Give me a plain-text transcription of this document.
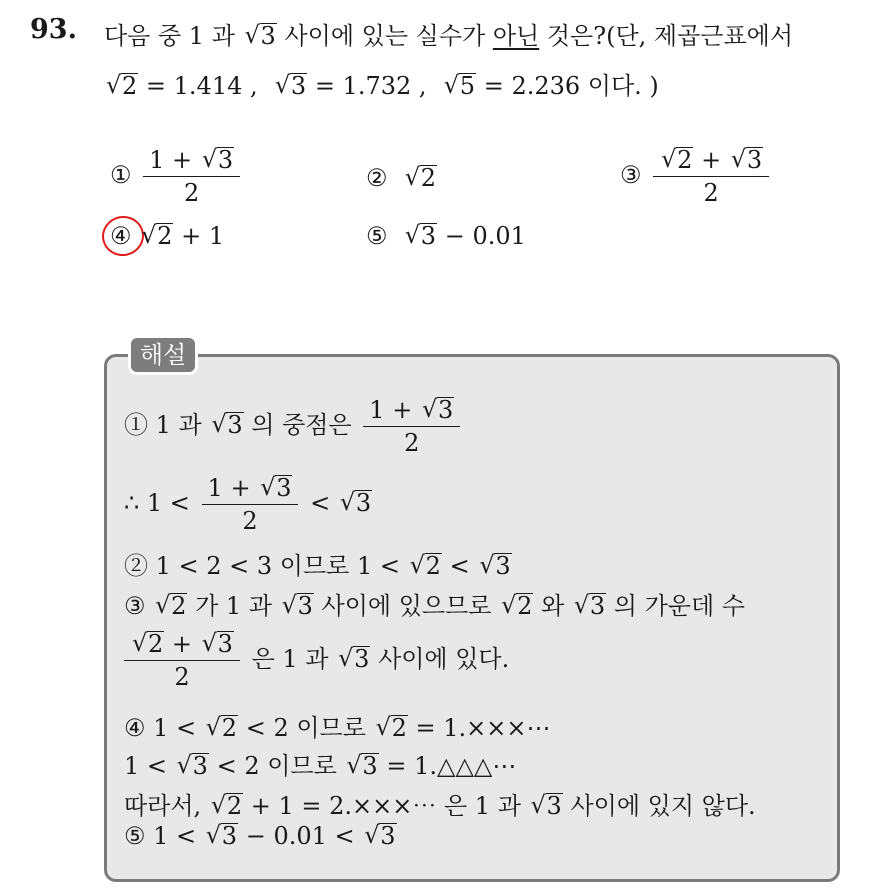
93. 다음 중 1 과 √ 3 사이에 있는 실수가 아닌 것은?(단, 제곱근표에서
√ 2 = 1.414 , √ 3 = 1.732 , √ 5 = 2.236 이다. )
① $\frac{1 + √ 3}{2}$	② √ 2	③ √ $\frac{2 + √ 3}{2}$
④ √ 2 + 1	⑤ √ 3 − 0.01
해설
① 1 과 √ 3 의 중점은 $\frac{1 + √ 3}{2}$
∴ $1 < \frac{1 + √ 3}{2}$ < √ 3
② 1 < 2 < 3 이므로 1 < √ 2 < √ 3
③ √ 2 가 1 과 √ 3 사이에 있으므로 √ 2 와 √ 3 의 가운데 수
√ $\frac{2 + √ 3}{2}$ 은 1 과 √ 3 사이에 있다.
④ 1 < √ 2 < 2 이므로 √ 2 = 1.×××⋯
1 < √ 3 < 2 이므로 √ 3 = 1.△△△⋯
따라서, √ 2 + 1 = 2.×××⋯ 은 1 과 √ 3 사이에 있지 않다.
⑤ 1 < √ 3 − 0.01 < √ 3
